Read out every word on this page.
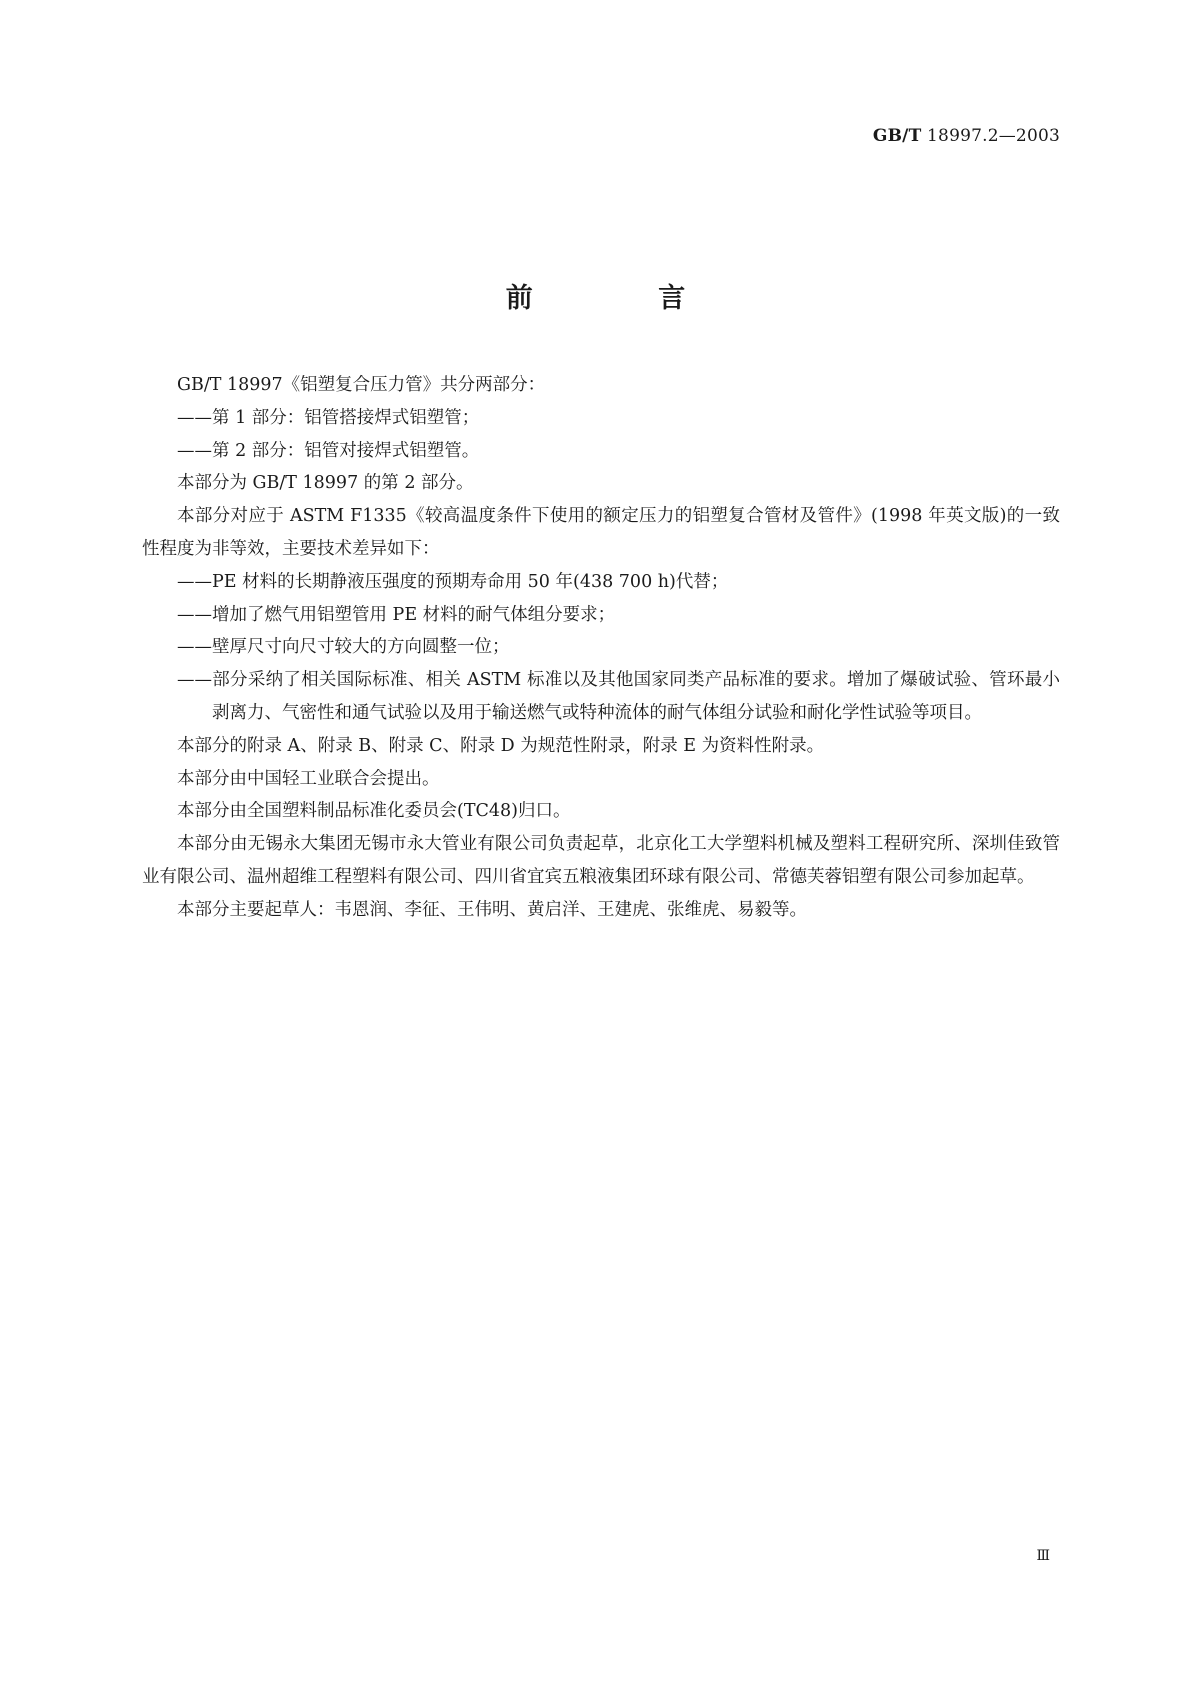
GB/T 18997.2—2003
前 言

GB/T 18997《铝塑复合压力管》共分两部分：

——第 1 部分：铝管搭接焊式铝塑管；

——第 2 部分：铝管对接焊式铝塑管。

本部分为 GB/T 18997 的第 2 部分。

本部分对应于 ASTM F1335《较高温度条件下使用的额定压力的铝塑复合管材及管件》(1998 年英文版)的一致性程度为非等效，主要技术差异如下：

——PE 材料的长期静液压强度的预期寿命用 50 年(438 700 h)代替；

——增加了燃气用铝塑管用 PE 材料的耐气体组分要求；

——壁厚尺寸向尺寸较大的方向圆整一位；

——部分采纳了相关国际标准、相关 ASTM 标准以及其他国家同类产品标准的要求。增加了爆破试验、管环最小剥离力、气密性和通气试验以及用于输送燃气或特种流体的耐气体组分试验和耐化学性试验等项目。

本部分的附录 A、附录 B、附录 C、附录 D 为规范性附录，附录 E 为资料性附录。

本部分由中国轻工业联合会提出。

本部分由全国塑料制品标准化委员会(TC48)归口。

本部分由无锡永大集团无锡市永大管业有限公司负责起草，北京化工大学塑料机械及塑料工程研究所、深圳佳致管业有限公司、温州超维工程塑料有限公司、四川省宜宾五粮液集团环球有限公司、常德芙蓉铝塑有限公司参加起草。

本部分主要起草人：韦恩润、李征、王伟明、黄启洋、王建虎、张维虎、易毅等。

Ⅲ
